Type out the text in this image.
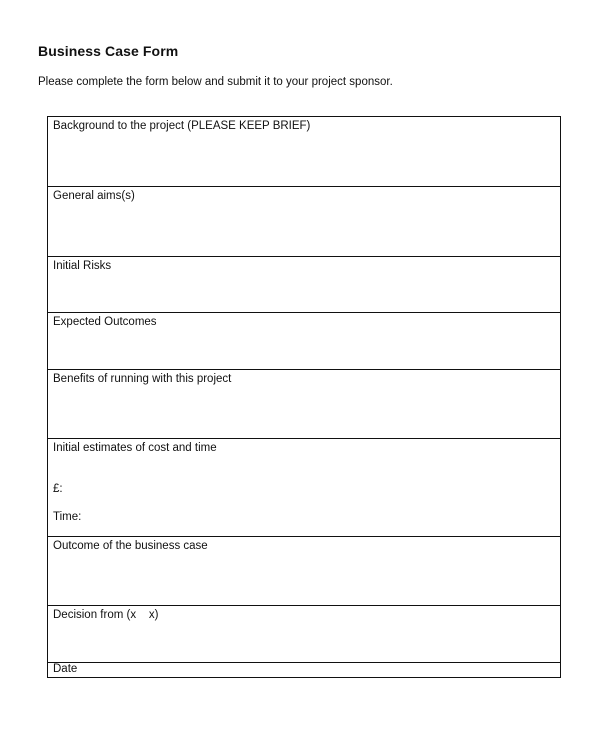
Business Case Form
Please complete the form below and submit it to your project sponsor.
Background to the project (PLEASE KEEP BRIEF)
General aims(s)
Initial Risks
Expected Outcomes
Benefits of running with this project
Initial estimates of cost and time
£:
Time:
Outcome of the business case
Decision from (x    x)
Date
